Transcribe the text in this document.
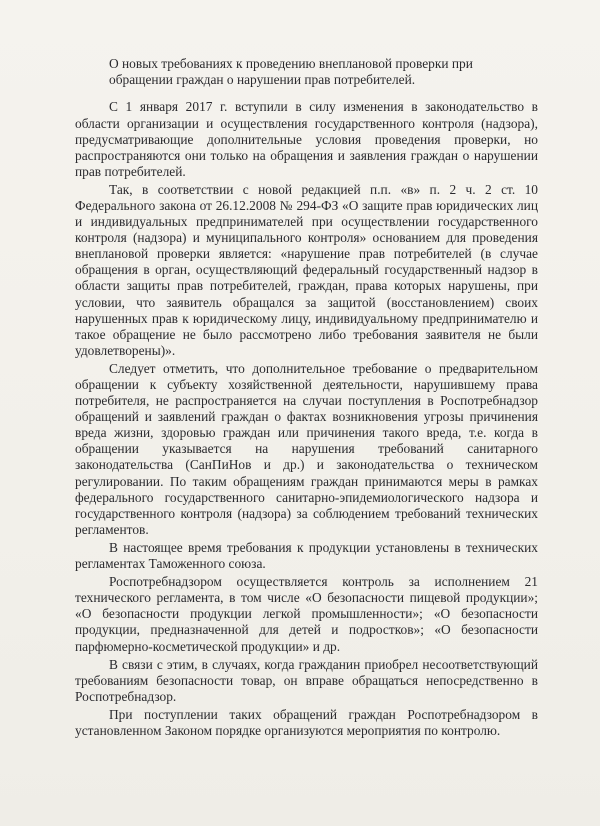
О новых требованиях к проведению внеплановой проверки при обращении граждан о нарушении прав потребителей.

С 1 января 2017 г. вступили в силу изменения в законодательство в области организации и осуществления государственного контроля (надзора), предусматривающие дополнительные условия проведения проверки, но распространяются они только на обращения и заявления граждан о нарушении прав потребителей.

Так, в соответствии с новой редакцией п.п. «в» п. 2 ч. 2 ст. 10 Федерального закона от 26.12.2008 № 294-ФЗ «О защите прав юридических лиц и индивидуальных предпринимателей при осуществлении государственного контроля (надзора) и муниципального контроля» основанием для проведения внеплановой проверки является: «нарушение прав потребителей (в случае обращения в орган, осуществляющий федеральный государственный надзор в области защиты прав потребителей, граждан, права которых нарушены, при условии, что заявитель обращался за защитой (восстановлением) своих нарушенных прав к юридическому лицу, индивидуальному предпринимателю и такое обращение не было рассмотрено либо требования заявителя не были удовлетворены)».

Следует отметить, что дополнительное требование о предварительном обращении к субъекту хозяйственной деятельности, нарушившему права потребителя, не распространяется на случаи поступления в Роспотребнадзор обращений и заявлений граждан о фактах возникновения угрозы причинения вреда жизни, здоровью граждан или причинения такого вреда, т.е. когда в обращении указывается на нарушения требований санитарного законодательства (СанПиНов и др.) и законодательства о техническом регулировании. По таким обращениям граждан принимаются меры в рамках федерального государственного санитарно-эпидемиологического надзора и государственного контроля (надзора) за соблюдением требований технических регламентов.

В настоящее время требования к продукции установлены в технических регламентах Таможенного союза.

Роспотребнадзором осуществляется контроль за исполнением 21 технического регламента, в том числе «О безопасности пищевой продукции»; «О безопасности продукции легкой промышленности»; «О безопасности продукции, предназначенной для детей и подростков»; «О безопасности парфюмерно-косметической продукции» и др.

В связи с этим, в случаях, когда гражданин приобрел несоответствующий требованиям безопасности товар, он вправе обращаться непосредственно в Роспотребнадзор.

При поступлении таких обращений граждан Роспотребнадзором в установленном Законом порядке организуются мероприятия по контролю.
